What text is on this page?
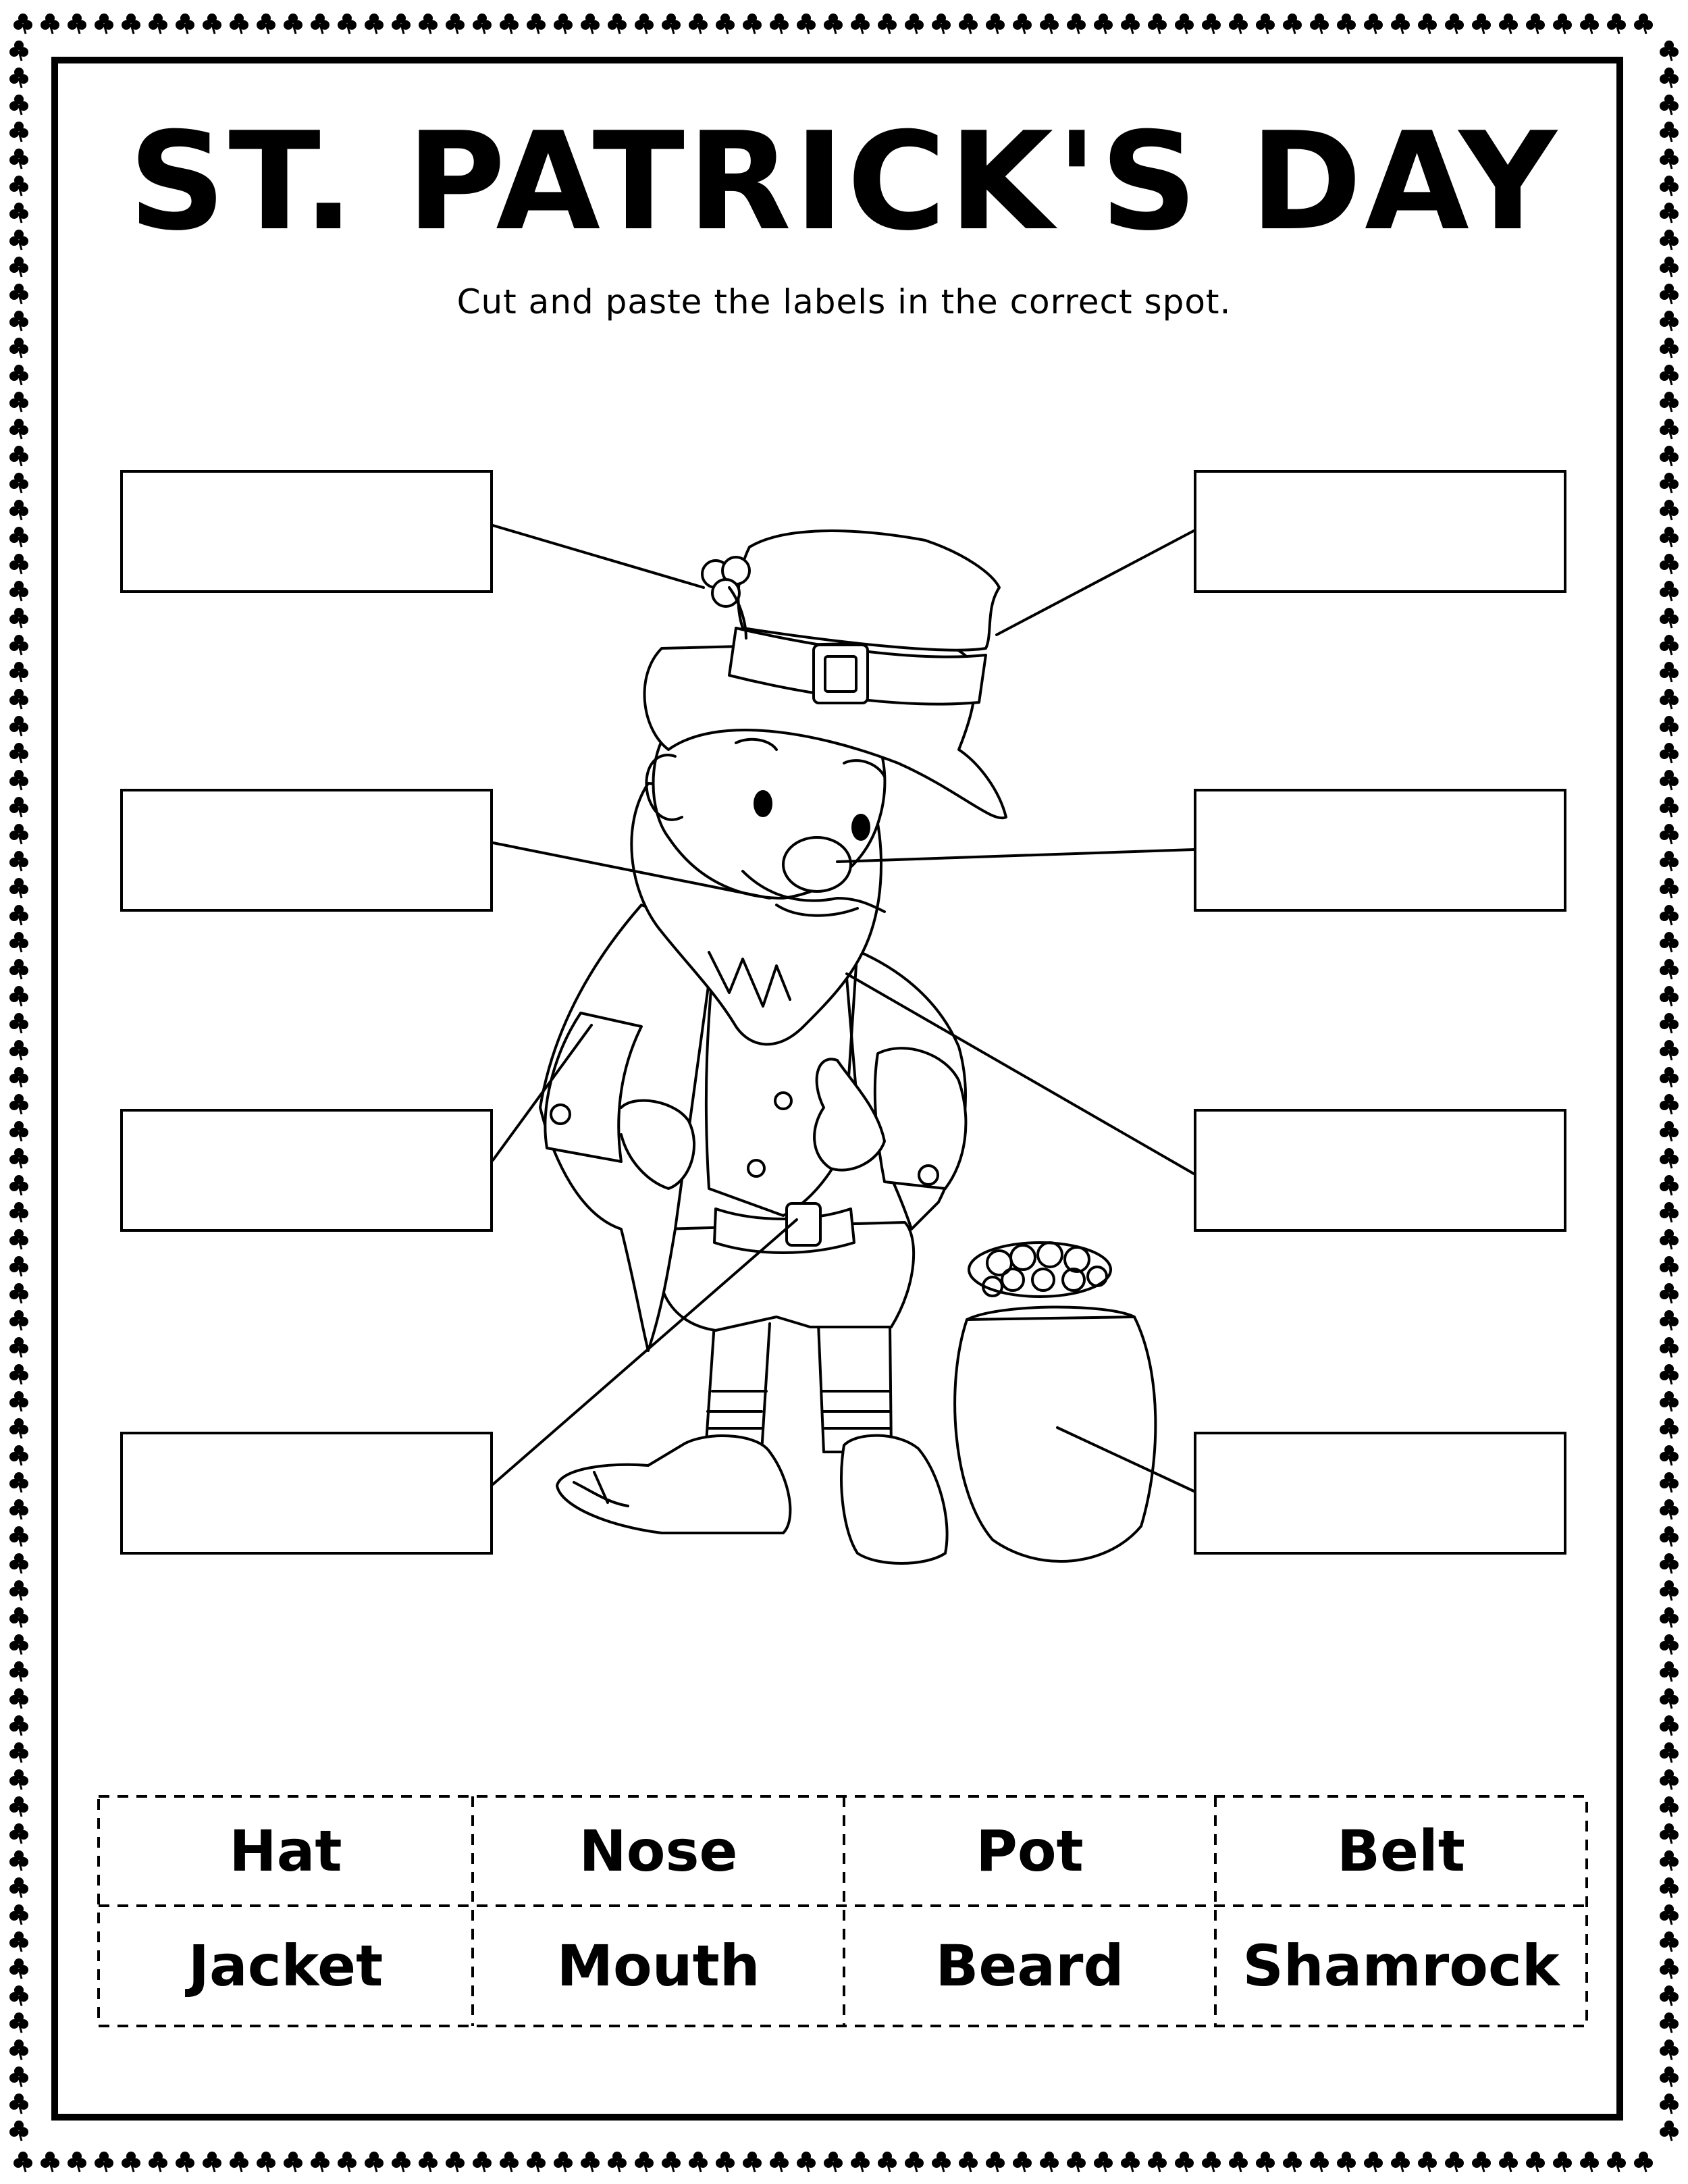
ST. PATRICK'S DAY
Cut and paste the labels in the correct spot.
Hat	Nose	Pot	Belt
Jacket	Mouth	Beard	Shamrock
